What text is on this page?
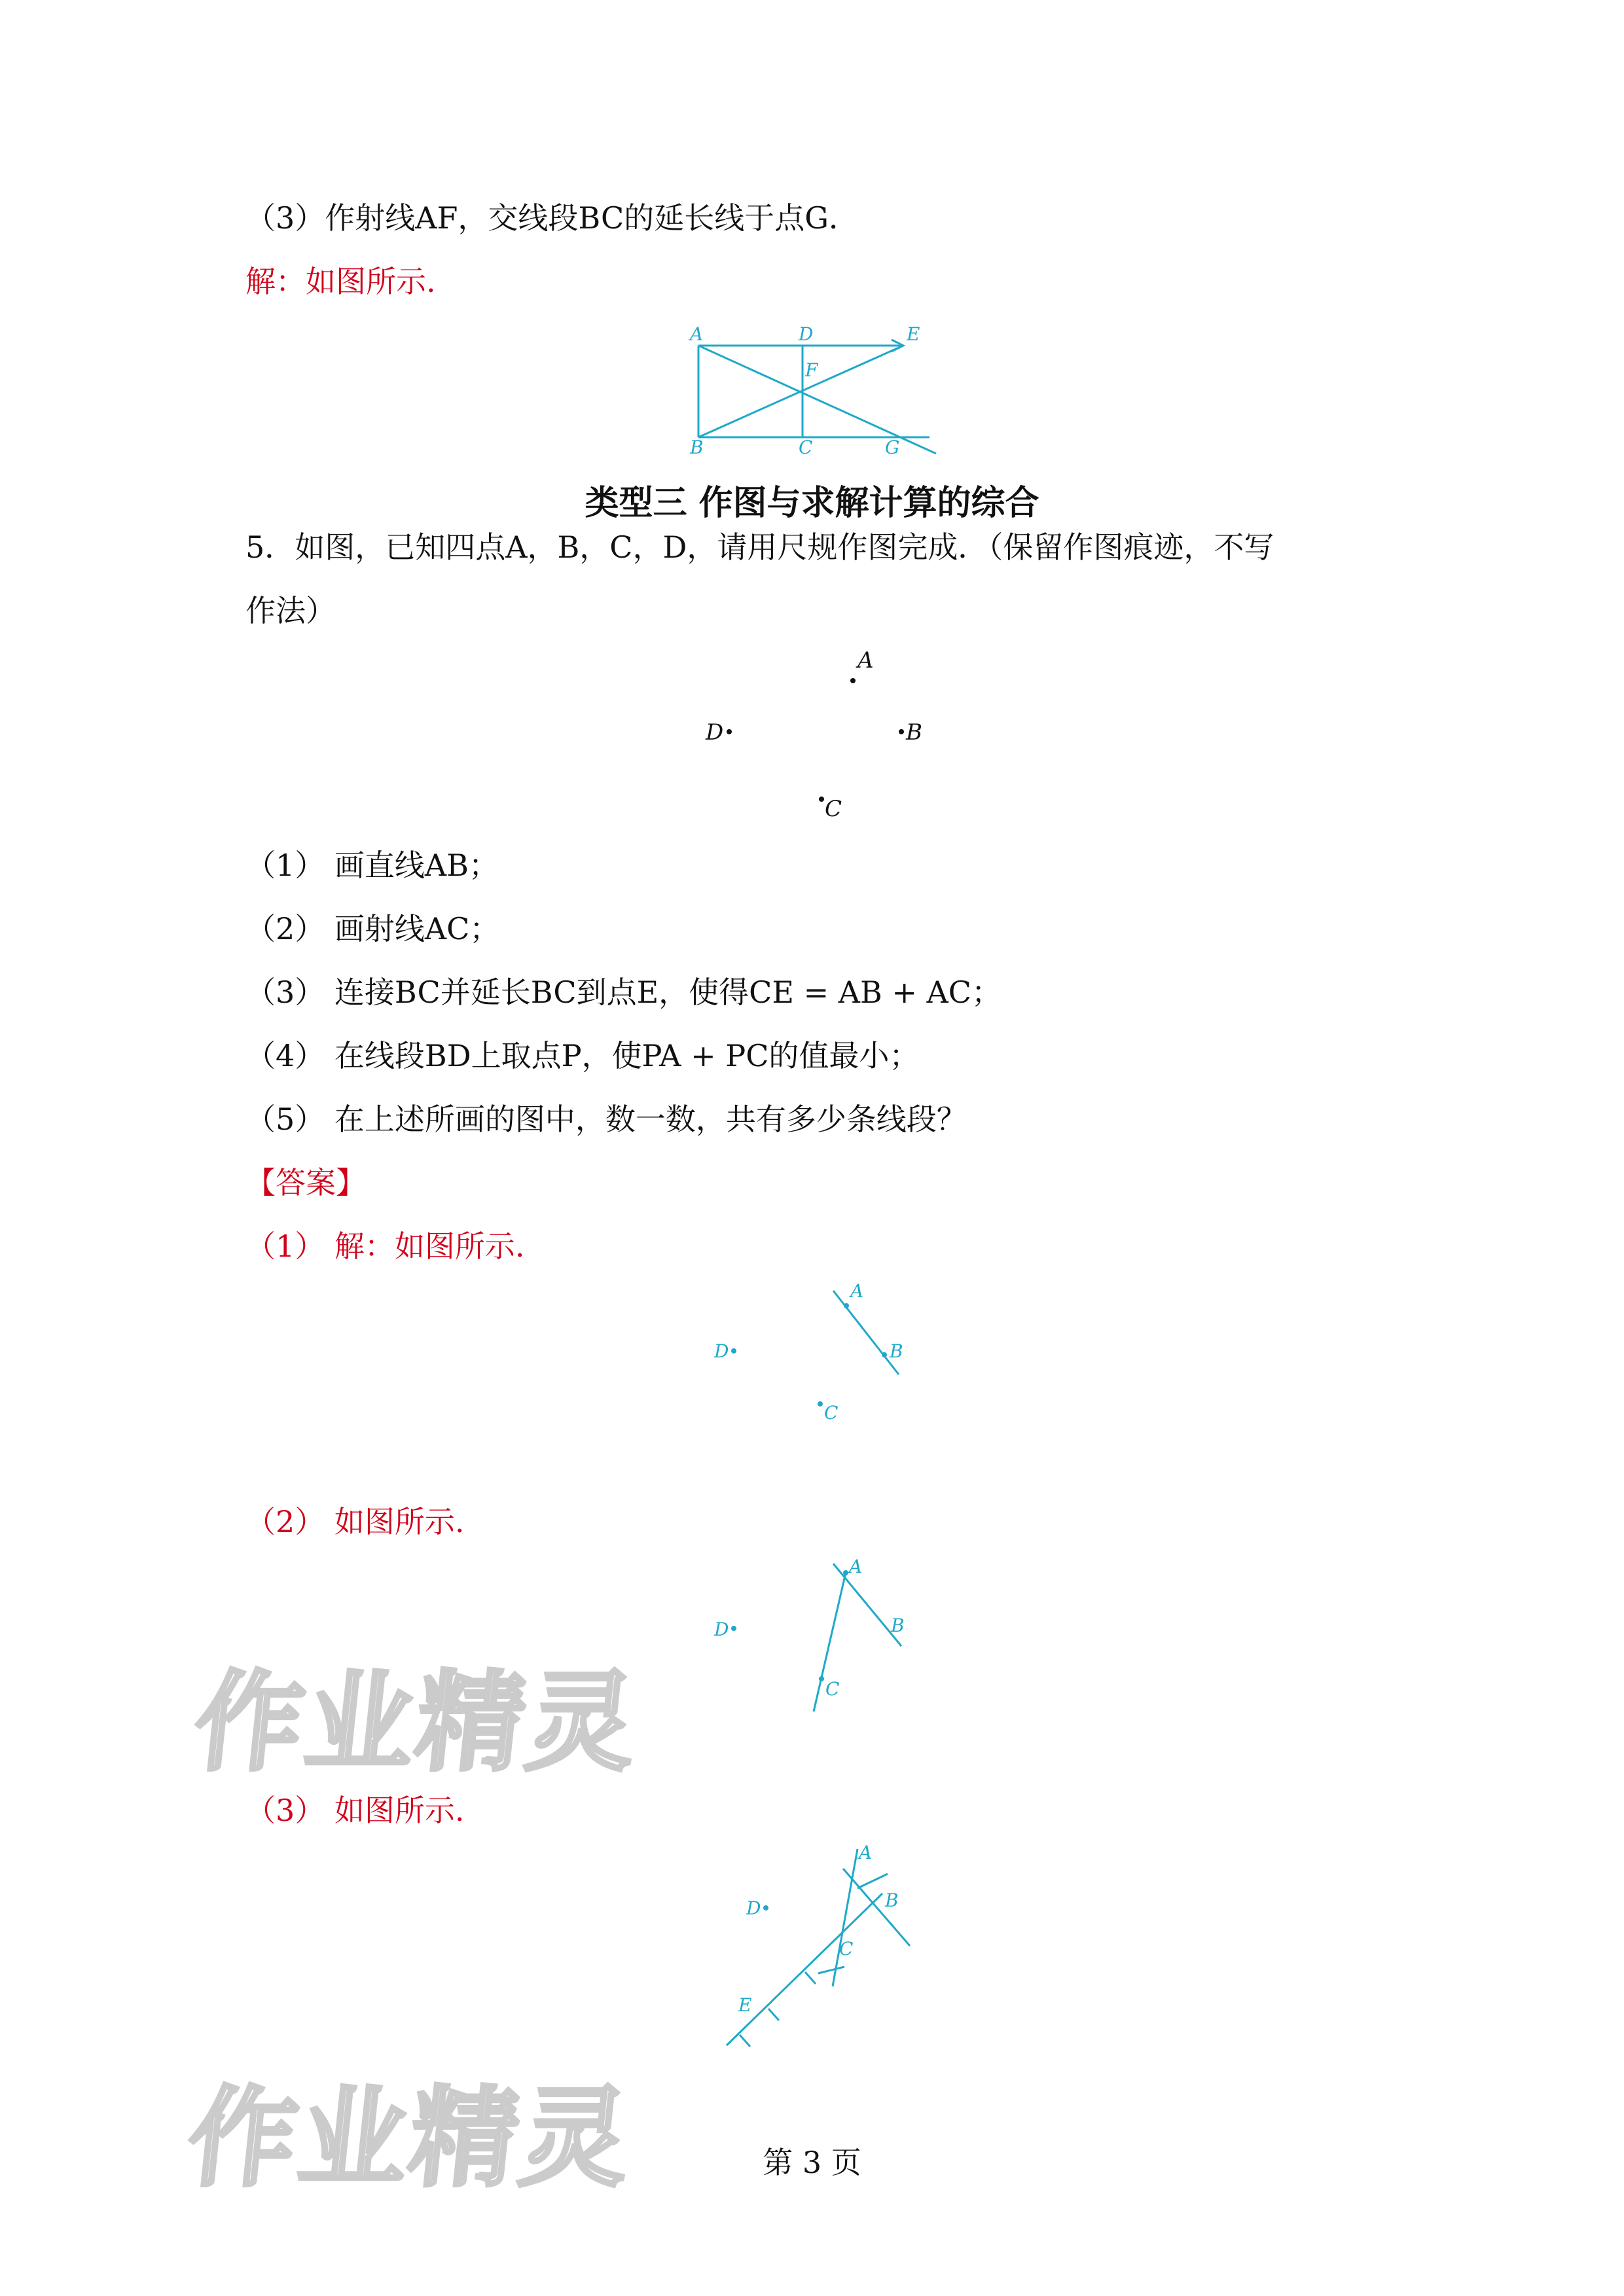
（3）作射线AF，交线段BC的延长线于点G．
解：如图所示.
A	D	E
F
B	C	G
类型三 作图与求解计算的综合
5．如图，已知四点A，B，C，D，请用尺规作图完成．（保留作图痕迹，不写
作法）
A
D	B
C
（1） 画直线AB；
（2） 画射线AC；
（3） 连接BC并延长BC到点E，使得CE = AB + AC；
（4） 在线段BD上取点P，使PA + PC的值最小；
（5） 在上述所画的图中，数一数，共有多少条线段？
【答案】
（1） 解：如图所示.
A
B
D
C
（2） 如图所示.
A
B
D
C
作业精灵
（3） 如图所示.
A
B
D
C
E
作业精灵	第 3 页
